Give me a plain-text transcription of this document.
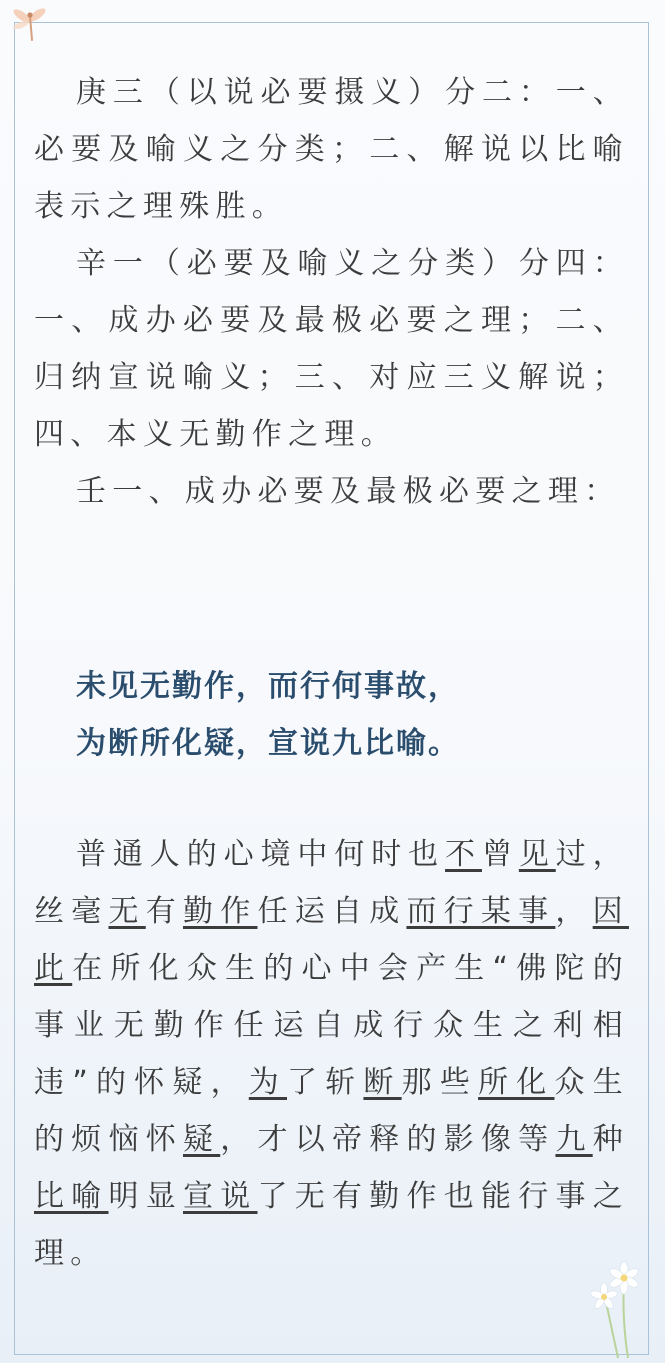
庚三（以说必要摄义）分二：一、必要及喻义之分类；二、解说以比喻表示之理殊胜。

辛一（必要及喻义之分类）分四：一、成办必要及最极必要之理；二、归纳宣说喻义；三、对应三义解说；四、本义无勤作之理。

壬一、成办必要及最极必要之理：

未见无勤作，而行何事故，
为断所化疑，宣说九比喻。

普通人的心境中何时也不曾见过，丝毫无有勤作任运自成而行某事，因此在所化众生的心中会产生“佛陀的事业无勤作任运自成行众生之利相违”的怀疑，为了斩断那些所化众生的烦恼怀疑，才以帝释的影像等九种比喻明显宣说了无有勤作也能行事之理。
